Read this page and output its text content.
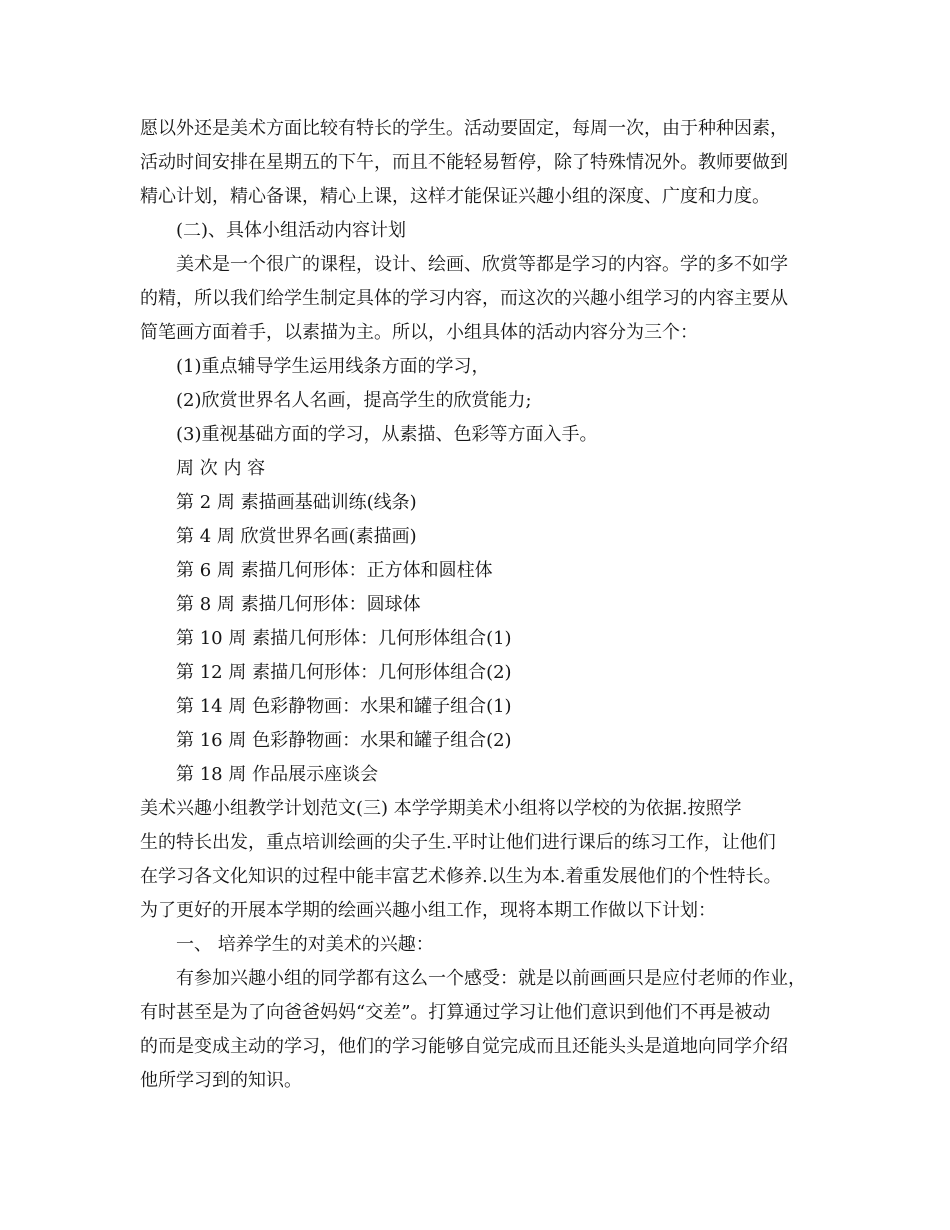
愿以外还是美术方面比较有特长的学生。活动要固定，每周一次，由于种种因素，
活动时间安排在星期五的下午，而且不能轻易暂停，除了特殊情况外。教师要做到
精心计划，精心备课，精心上课，这样才能保证兴趣小组的深度、广度和力度。
(二)、具体小组活动内容计划
美术是一个很广的课程，设计、绘画、欣赏等都是学习的内容。学的多不如学
的精，所以我们给学生制定具体的学习内容，而这次的兴趣小组学习的内容主要从
简笔画方面着手，以素描为主。所以，小组具体的活动内容分为三个：
(1)重点辅导学生运用线条方面的学习，
(2)欣赏世界名人名画，提高学生的欣赏能力;
(3)重视基础方面的学习，从素描、色彩等方面入手。
周 次 内 容
第 2 周 素描画基础训练(线条)
第 4 周 欣赏世界名画(素描画)
第 6 周 素描几何形体：正方体和圆柱体
第 8 周 素描几何形体：圆球体
第 10 周 素描几何形体：几何形体组合(1)
第 12 周 素描几何形体：几何形体组合(2)
第 14 周 色彩静物画：水果和罐子组合(1)
第 16 周 色彩静物画：水果和罐子组合(2)
第 18 周 作品展示座谈会
美术兴趣小组教学计划范文(三) 本学学期美术小组将以学校的为依据.按照学
生的特长出发，重点培训绘画的尖子生.平时让他们进行课后的练习工作，让他们
在学习各文化知识的过程中能丰富艺术修养.以生为本.着重发展他们的个性特长。
为了更好的开展本学期的绘画兴趣小组工作，现将本期工作做以下计划：
一、 培养学生的对美术的兴趣：
有参加兴趣小组的同学都有这么一个感受：就是以前画画只是应付老师的作业，
有时甚至是为了向爸爸妈妈“交差”。打算通过学习让他们意识到他们不再是被动
的而是变成主动的学习，他们的学习能够自觉完成而且还能头头是道地向同学介绍
他所学习到的知识。
